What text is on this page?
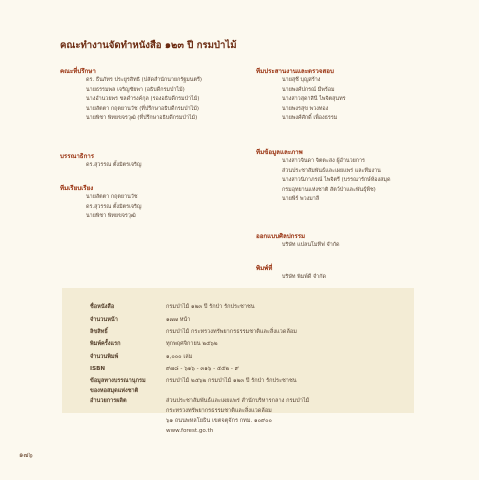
คณะทำงานจัดทำหนังสือ ๑๒๓ ปี กรมป่าไม้
คณะที่ปรึกษา
ดร. ธีนภัทร ประยูรสิทธิ (ปลัดสำนักนายกรัฐมนตรี)
นายธรรมพล เจริญชัยพา (อธิบดีกรมป่าไม้)
นางอำนวยพร ชลดำรงค์กุล (รองอธิบดีกรมป่าไม้)
นายสัตตา กฤตยานวัช (ที่ปรึกษาอธิบดีกรมป่าไม้)
นายพิชา พิทยขจรวุฒิ (ที่ปรึกษาอธิบดีกรมป่าไม้)
บรรณาธิการ
ดร.สุวรรณ ตั้งมิตรเจริญ
ทีมเรียบเรียง
นายสัตตา กฤตยานวัช
ดร.สุวรรณ ตั้งมิตรเจริญ
นายพิชา พิทยขจรวุฒิ
ทีมประสานงานและตรวจสอบ
นายสุชี บุญสร้าง
นายพงศ์ปกรณ์ มีพร้อม
นางสาวสุดาสินี ไพจิตสุนทร
นายพงรสุข พวงทอง
นายพงศ์ศักดิ์ เพื่องธรรม
ทีมข้อมูลและภาพ
นางสาวจินดา จิตตะสง ผู้อำนวยการ
ส่วนประชาสัมพันธ์และเผยแพร่ และทีมงาน
นางสาวนิภาภรณ์ ไพจิตรี (บรรณารักษ์ห้องสมุด
กรมอุทยานแห่งชาติ สัตว์ป่าและพันธุ์พืช)
นายพีร์ พวงมาลี
ออกแบบศิลปกรรม
บริษัท แปลนโมทีฟ จำกัด
พิมพ์ที่
บริษัท พิมพ์ดี จำกัด
ชื่อหนังสือ	กรมป่าไม้ ๑๒๓ ปี รักป่า รักประชาชน
จำนวนหน้า	๑๗๗ หน้า
ลิขสิทธิ์	กรมป่าไม้ กระทรวงทรัพยากรธรรมชาติและสิ่งแวดล้อม
พิมพ์ครั้งแรก	ทุกพฤศจิกายน ๒๕๖๒
จำนวนพิมพ์	๑,๐๐๐ เล่ม
ISBN	๙๗๘ - ๖๑๖ - ๓๑๖ - ๕๕๒ - ๙
ข้อมูลทางบรรณานุกรม	กรมป่าไม้ ๒๕๖๒ กรมป่าไม้ ๑๒๓ ปี รักป่า รักประชาชน
ของหอสมุดแห่งชาติ
อำนวยการผลิต	ส่วนประชาสัมพันธ์และเผยแพร่ สำนักบริหารกลาง กรมป่าไม้
กระทรวงทรัพยากรธรรมชาติและสิ่งแวดล้อม
๖๑ ถนนพหลโยธิน เขตจตุจักร กทม. ๑๐๙๐๐
www.forest.go.th
๑๗๖
